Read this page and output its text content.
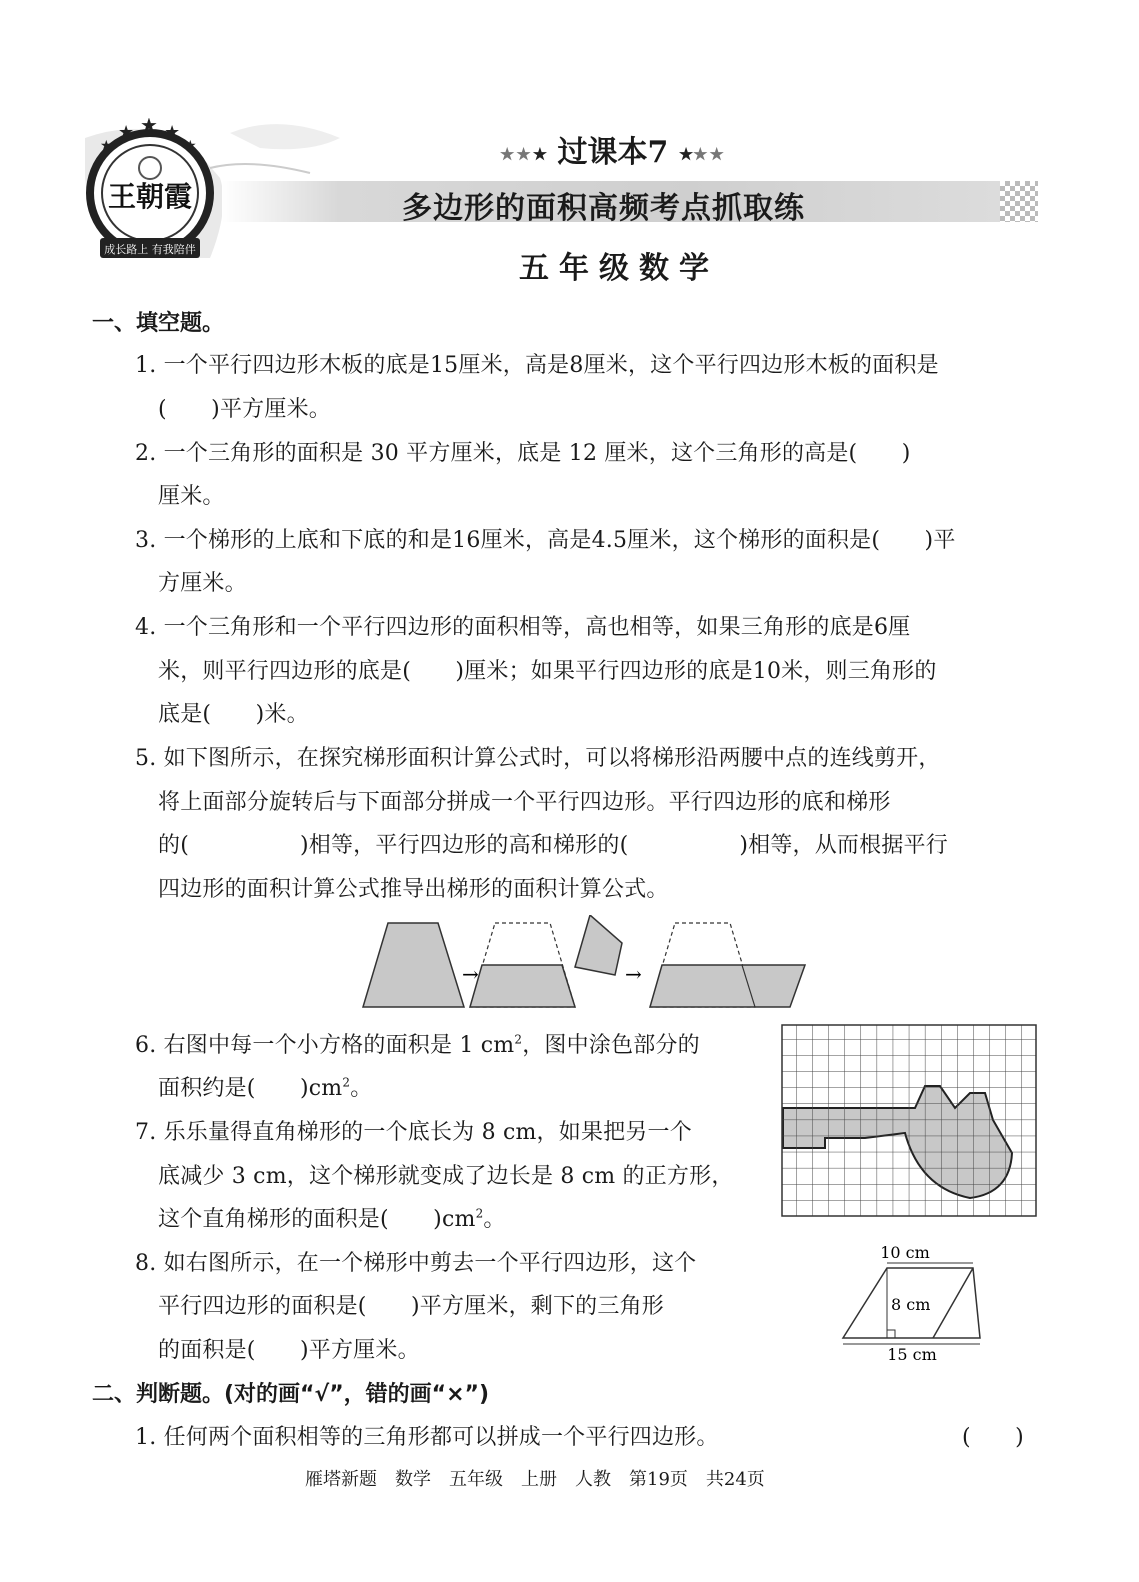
★ ★ ★
★	★
王朝霞
成长路上 有我陪伴
★★★ 过课本7 ★★★
多边形的面积高频考点抓取练
五年级数学
一、填空题。
1. 一个平行四边形木板的底是15厘米，高是8厘米，这个平行四边形木板的面积是
(　　)平方厘米。
2. 一个三角形的面积是 30 平方厘米，底是 12 厘米，这个三角形的高是(　　)
厘米。
3. 一个梯形的上底和下底的和是16厘米，高是4.5厘米，这个梯形的面积是(　　)平
方厘米。
4. 一个三角形和一个平行四边形的面积相等，高也相等，如果三角形的底是6厘
米，则平行四边形的底是(　　)厘米；如果平行四边形的底是10米，则三角形的
底是(　　)米。
5. 如下图所示，在探究梯形面积计算公式时，可以将梯形沿两腰中点的连线剪开，
将上面部分旋转后与下面部分拼成一个平行四边形。平行四边形的底和梯形
的(　　　　　)相等，平行四边形的高和梯形的(　　　　　)相等，从而根据平行
四边形的面积计算公式推导出梯形的面积计算公式。
→	→
6. 右图中每一个小方格的面积是 1 $cm^2$，图中涂色部分的
面积约是(　　)$cm^2$。
7. 乐乐量得直角梯形的一个底长为 8 cm，如果把另一个
底减少 3 cm，这个梯形就变成了边长是 8 cm 的正方形，
这个直角梯形的面积是(　　)$cm^2$。
8. 如右图所示，在一个梯形中剪去一个平行四边形，这个
平行四边形的面积是(　　)平方厘米，剩下的三角形
的面积是(　　)平方厘米。
10 cm
8 cm
15 cm
二、判断题。(对的画“√”，错的画“×”)
1. 任何两个面积相等的三角形都可以拼成一个平行四边形。	(　　)
雁塔新题　数学　五年级　上册　人教　第19页　共24页
